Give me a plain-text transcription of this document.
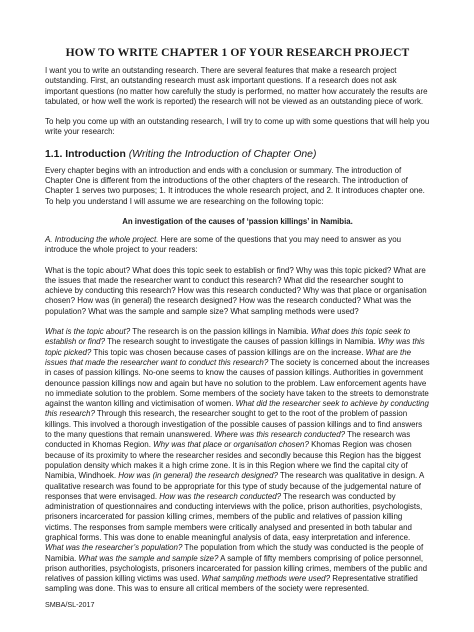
HOW TO WRITE CHAPTER 1 OF YOUR RESEARCH PROJECT

I want you to write an outstanding research. There are several features that make a research project outstanding. First, an outstanding research must ask important questions. If a research does not ask important questions (no matter how carefully the study is performed, no matter how accurately the results are tabulated, or how well the work is reported) the research will not be viewed as an outstanding piece of work.

To help you come up with an outstanding research, I will try to come up with some questions that will help you write your research:

1.1. Introduction (Writing the Introduction of Chapter One)

Every chapter begins with an introduction and ends with a conclusion or summary. The introduction of Chapter One is different from the introductions of the other chapters of the research. The introduction of Chapter 1 serves two purposes; 1. It introduces the whole research project, and 2. It introduces chapter one. To help you understand I will assume we are researching on the following topic:

An investigation of the causes of ‘passion killings’ in Namibia.

A. Introducing the whole project. Here are some of the questions that you may need to answer as you introduce the whole project to your readers:

What is the topic about? What does this topic seek to establish or find? Why was this topic picked? What are the issues that made the researcher want to conduct this research? What did the researcher sought to achieve by conducting this research? How was this research conducted? Why was that place or organisation chosen? How was (in general) the research designed? How was the research conducted? What was the population? What was the sample and sample size? What sampling methods were used?

What is the topic about? The research is on the passion killings in Namibia. What does this topic seek to establish or find? The research sought to investigate the causes of passion killings in Namibia. Why was this topic picked? This topic was chosen because cases of passion killings are on the increase. What are the issues that made the researcher want to conduct this research? The society is concerned about the increases in cases of passion killings. No-one seems to know the causes of passion killings. Authorities in government denounce passion killings now and again but have no solution to the problem. Law enforcement agents have no immediate solution to the problem. Some members of the society have taken to the streets to demonstrate against the wanton killing and victimisation of women. What did the researcher seek to achieve by conducting this research? Through this research, the researcher sought to get to the root of the problem of passion killings. This involved a thorough investigation of the possible causes of passion killings and to find answers to the many questions that remain unanswered. Where was this research conducted? The research was conducted in Khomas Region. Why was that place or organisation chosen? Khomas Region was chosen because of its proximity to where the researcher resides and secondly because this Region has the biggest population density which makes it a high crime zone. It is in this Region where we find the capital city of Namibia, Windhoek. How was (in general) the research designed? The research was qualitative in design. A qualitative research was found to be appropriate for this type of study because of the judgemental nature of responses that were envisaged. How was the research conducted? The research was conducted by administration of questionnaires and conducting interviews with the police, prison authorities, psychologists, prisoners incarcerated for passion killing crimes, members of the public and relatives of passion killing victims. The responses from sample members were critically analysed and presented in both tabular and graphical forms. This was done to enable meaningful analysis of data, easy interpretation and inference. What was the researcher’s population? The population from which the study was conducted is the people of Namibia. What was the sample and sample size? A sample of fifty members comprising of police personnel, prison authorities, psychologists, prisoners incarcerated for passion killing crimes, members of the public and relatives of passion killing victims was used. What sampling methods were used? Representative stratified sampling was done. This was to ensure all critical members of the society were represented.

SMBA/SL-2017
